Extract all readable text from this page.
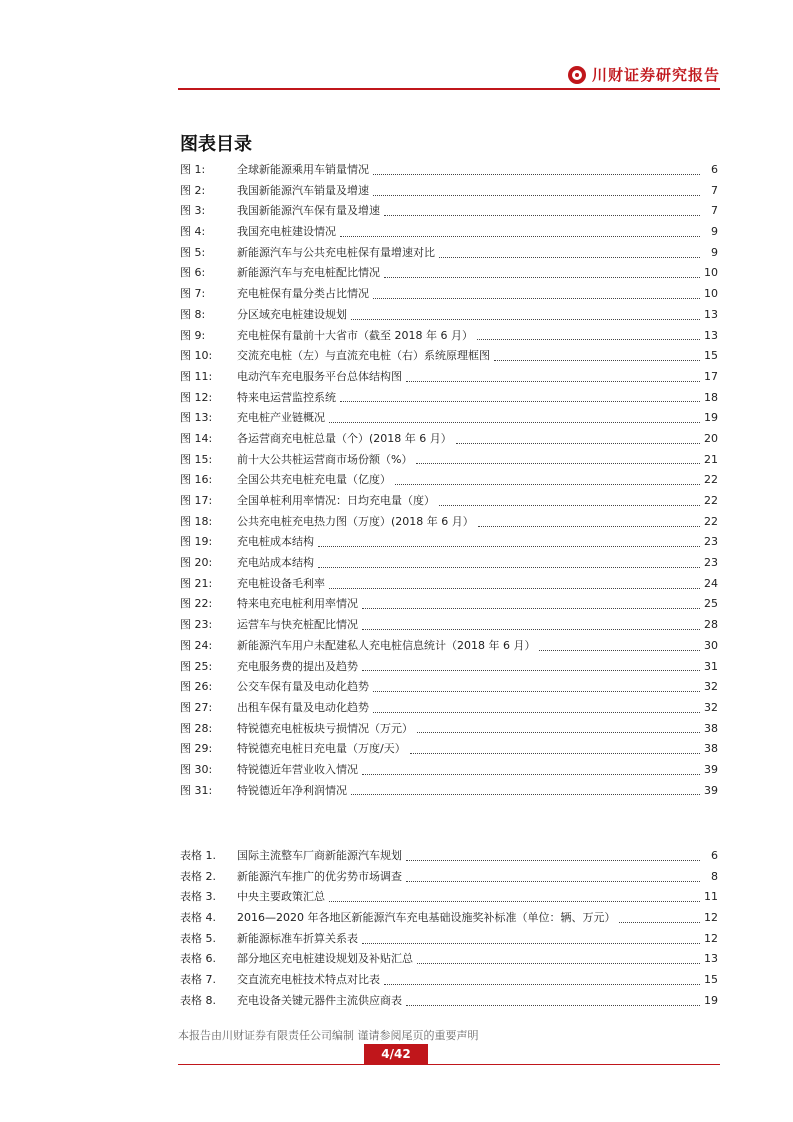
川财证券研究报告
图表目录
图 1:	全球新能源乘用车销量情况	6
图 2:	我国新能源汽车销量及增速	7
图 3:	我国新能源汽车保有量及增速	7
图 4:	我国充电桩建设情况	9
图 5:	新能源汽车与公共充电桩保有量增速对比	9
图 6:	新能源汽车与充电桩配比情况	10
图 7:	充电桩保有量分类占比情况	10
图 8:	分区域充电桩建设规划	13
图 9:	充电桩保有量前十大省市（截至 2018 年 6 月）	13
图 10:	交流充电桩（左）与直流充电桩（右）系统原理框图	15
图 11:	电动汽车充电服务平台总体结构图	17
图 12:	特来电运营监控系统	18
图 13:	充电桩产业链概况	19
图 14:	各运营商充电桩总量（个）(2018 年 6 月）	20
图 15:	前十大公共桩运营商市场份额（%）	21
图 16:	全国公共充电桩充电量（亿度）	22
图 17:	全国单桩利用率情况：日均充电量（度）	22
图 18:	公共充电桩充电热力图（万度）(2018 年 6 月）	22
图 19:	充电桩成本结构	23
图 20:	充电站成本结构	23
图 21:	充电桩设备毛利率	24
图 22:	特来电充电桩利用率情况	25
图 23:	运营车与快充桩配比情况	28
图 24:	新能源汽车用户未配建私人充电桩信息统计（2018 年 6 月）	30
图 25:	充电服务费的提出及趋势	31
图 26:	公交车保有量及电动化趋势	32
图 27:	出租车保有量及电动化趋势	32
图 28:	特锐德充电桩板块亏损情况（万元）	38
图 29:	特锐德充电桩日充电量（万度/天）	38
图 30:	特锐德近年营业收入情况	39
图 31:	特锐德近年净利润情况	39
表格 1.	国际主流整车厂商新能源汽车规划	6
表格 2.	新能源汽车推广的优劣势市场调查	8
表格 3.	中央主要政策汇总	11
表格 4.	2016—2020 年各地区新能源汽车充电基础设施奖补标准（单位：辆、万元）	12
表格 5.	新能源标准车折算关系表	12
表格 6.	部分地区充电桩建设规划及补贴汇总	13
表格 7.	交直流充电桩技术特点对比表	15
表格 8.	充电设备关键元器件主流供应商表	19
本报告由川财证券有限责任公司编制 谨请参阅尾页的重要声明
4/42
